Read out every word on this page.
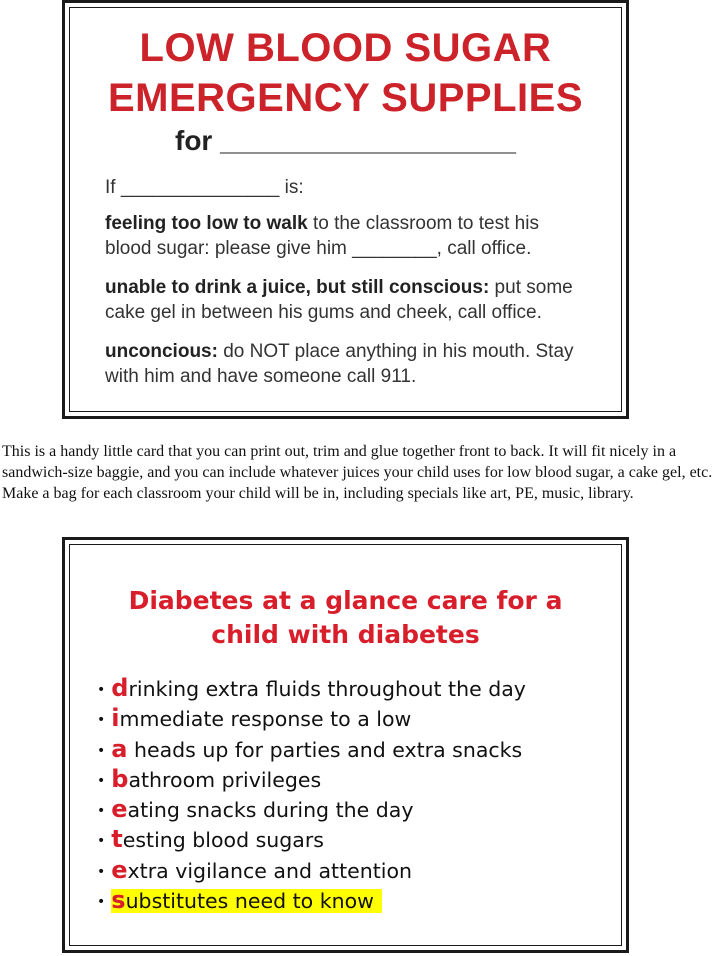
LOW BLOOD SUGAR
EMERGENCY SUPPLIES
for ___________________
If _______________ is:
feeling too low to walk to the classroom to test his
blood sugar: please give him ________, call office.
unable to drink a juice, but still conscious: put some
cake gel in between his gums and cheek, call office.
unconcious: do NOT place anything in his mouth. Stay
with him and have someone call 911.
This is a handy little card that you can print out, trim and glue together front to back. It will fit nicely in a sandwich-size baggie, and you can include whatever juices your child uses for low blood sugar, a cake gel, etc. Make a bag for each classroom your child will be in, including specials like art, PE, music, library.
Diabetes at a glance care for a
child with diabetes
• drinking extra fluids throughout the day
• immediate response to a low
• a heads up for parties and extra snacks
• bathroom privileges
• eating snacks during the day
• testing blood sugars
• extra vigilance and attention
• substitutes need to know
